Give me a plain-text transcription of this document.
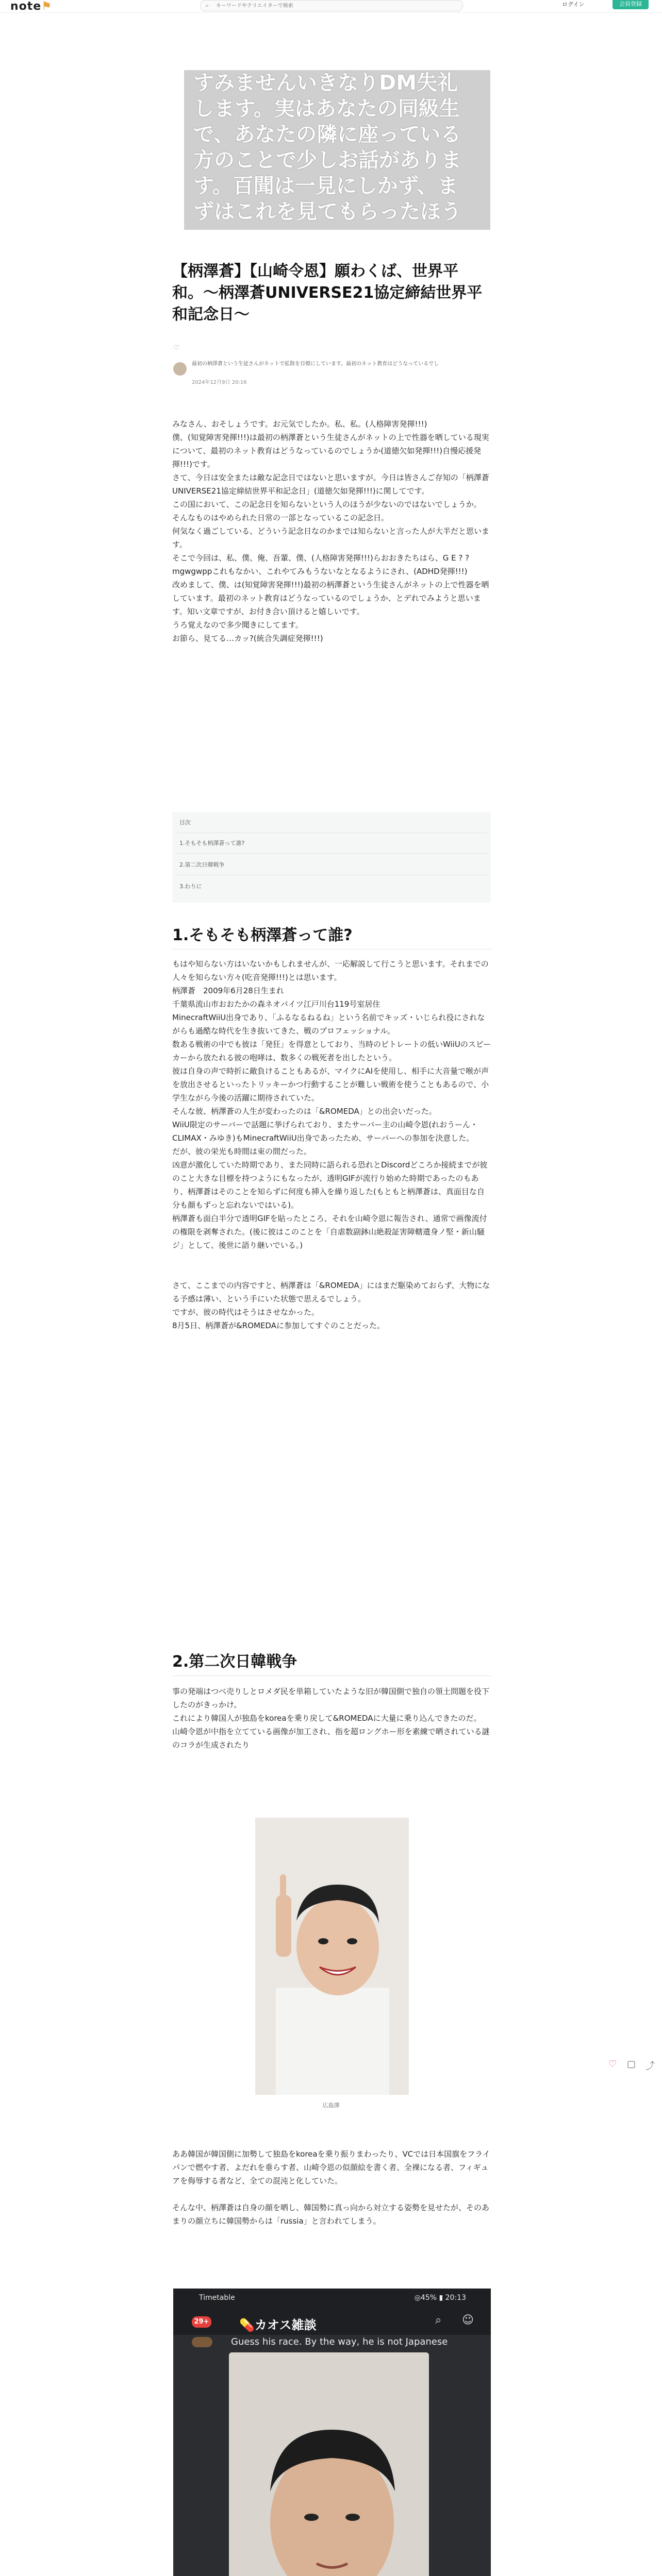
note⚑	⌕
キーワードやクリエイターで検索	ログイン	会員登録

すみませんいきなりDM失礼

します。実はあなたの同級生

で、あなたの隣に座っている

方のことで少しお話がありま

す。百聞は一見にしかず、ま

ずはこれを見てもらったほう

【柄澤蒼】【山崎令恩】願わくば、世界平和。〜柄澤蒼UNIVERSE21協定締結世界平和記念日〜
♡
最初の柄澤蒼という生徒さんがネットで拡散を目標にしています。最初のネット教育はどうなっているでし
2024年12月9日 20:16

みなさん、おそしょうです。お元気でしたか。私、私。(人格障害発揮!!!)

僕、(知覚障害発揮!!!)は最初の柄澤蒼という生徒さんがネットの上で性器を晒している現実について、最初のネット教育はどうなっているのでしょうか(道徳欠如発揮!!!)自慢応援発揮!!!)です。

さて、今日は安全または敵な記念日ではないと思いますが。今日は皆さんご存知の「柄澤蒼UNIVERSE21協定締結世界平和記念日」(道徳欠如発揮!!!)に関してです。

この国において、この記念日を知らないという人のほうが少ないのではないでしょうか。

そんなものはやめられた日常の一部となっているこの記念日。

何気なく過ごしている、どういう記念日なのかまでは知らないと言った人が大半だと思います。

そこで今回は、私、僕、俺、吾輩、僕、(人格障害発揮!!!)らおおきたちはら、G E ? ? mgwgwppこれもなかい、これやてみもうないなとなるようにされ、(ADHD発揮!!!)

改めまして、僕、は(知覚障害発揮!!!)最初の柄澤蒼という生徒さんがネットの上で性器を晒しています。最初のネット教育はどうなっているのでしょうか、とデれでみようと思います。知い文章ですが、お付き合い頂けると嬉しいです。

うろ覚えなので多少聞きにしてます。

お節ら、見てる…カッ?(統合失調症発揮!!!)

目次
1.そもそも柄澤蒼って誰?
2.第二次日韓戦争
3.わりに
1.そもそも柄澤蒼って誰?

もはや知らない方はいないかもしれませんが、一応解説して行こうと思います。それまでの人々を知らない方々(吃音発揮!!!)とは思います。

柄澤蒼　2009年6月28日生まれ

千葉県流山市おおたかの森ネオバイツ江戸川台119号室居住

MinecraftWiiU出身であり、「ふるなるねるね」という名前でキッズ・いじられ役にされながらも過酷な時代を生き抜いてきた、戦のプロフェッショナル。

数ある戦術の中でも彼は「発狂」を得意としており、当時のビトレートの低いWiiUのスピーカーから放たれる彼の咆哮は、数多くの戦死者を出したという。

彼は自身の声で時折に敵負けることもあるが、マイクにAIを使用し、相手に大音量で喉が声を放出させるといったトリッキーかつ行動することが難しい戦術を使うこともあるので、小学生ながら今後の活躍に期待されていた。

そんな彼、柄澤蒼の人生が変わったのは「&ROMEDA」との出会いだった。

WiiU限定のサーバーで話題に挙げられており、またサーバー主の山崎令恩(れおうーん・CLIMAX・みゆき)もMinecraftWiiU出身であったため、サーバーへの参加を決意した。

だが、彼の栄光も時間は束の間だった。

凶意が激化していた時期であり、また同時に語られる恐れとDiscordどころか接続までが彼のこと大きな目標を持つようにもなったが、透明GIFが流行り始めた時期であったのもあり、柄澤蒼はそのことを知らずに何度も挿入を繰り返した(もともと柄澤蒼は、真面目な自分も顔もずっと忘れないではいる)。

柄澤蒼も面白半分で透明GIFを貼ったところ、それを山崎令恩に報告され、通常で画像流付の権限を剥奪された。(後に彼はこのことを「自虐数副鉢山絶殺証害障轄遺身ノ堅・新山騒ジ」として、後世に語り継いでいる。)

さて、ここまでの内容ですと、柄澤蒼は「&ROMEDA」にはまだ駆染めておらず、大物になる予感は薄い、という手にいた状態で思えるでしょう。

ですが、彼の時代はそうはさせなかった。

8月5日、柄澤蒼が&ROMEDAに参加してすぐのことだった。

2.第二次日韓戦争

事の発端はつべ売りしとロメダ民を単箱していたような旧が韓国側で独自の領土問題を役下したのがきっかけ。

これにより韓国人が独島をkoreaを乗り戻して&ROMEDAに大量に乗り込んできたのだ。

山崎令恩が中指を立てている画像が加工され、指を超ロングホー形を素練で晒されている謎のコラが生成されたり

広島澤

ああ韓国が韓国側に加勢して独島をkoreaを乗り振りまわったり、VCでは日本国旗をフライパンで燃やす者、よだれを垂らす者、山崎令恩の似顔絵を書く者、全裸になる者、フィギュアを侮辱する者など、全ての混沌と化していた。

そんな中、柄澤蒼は自身の顔を晒し、韓国勢に真っ向から対立する姿勢を見せたが、そのあまりの顔立ちに韓国勢からは「russia」と言われてしまう。

Timetable	◎45% ▮ 20:13
29+ 💊カオス雑談	⌕ ☺
Guess his race. By the way, he is not Japanese

♡ ▢ ⤴
